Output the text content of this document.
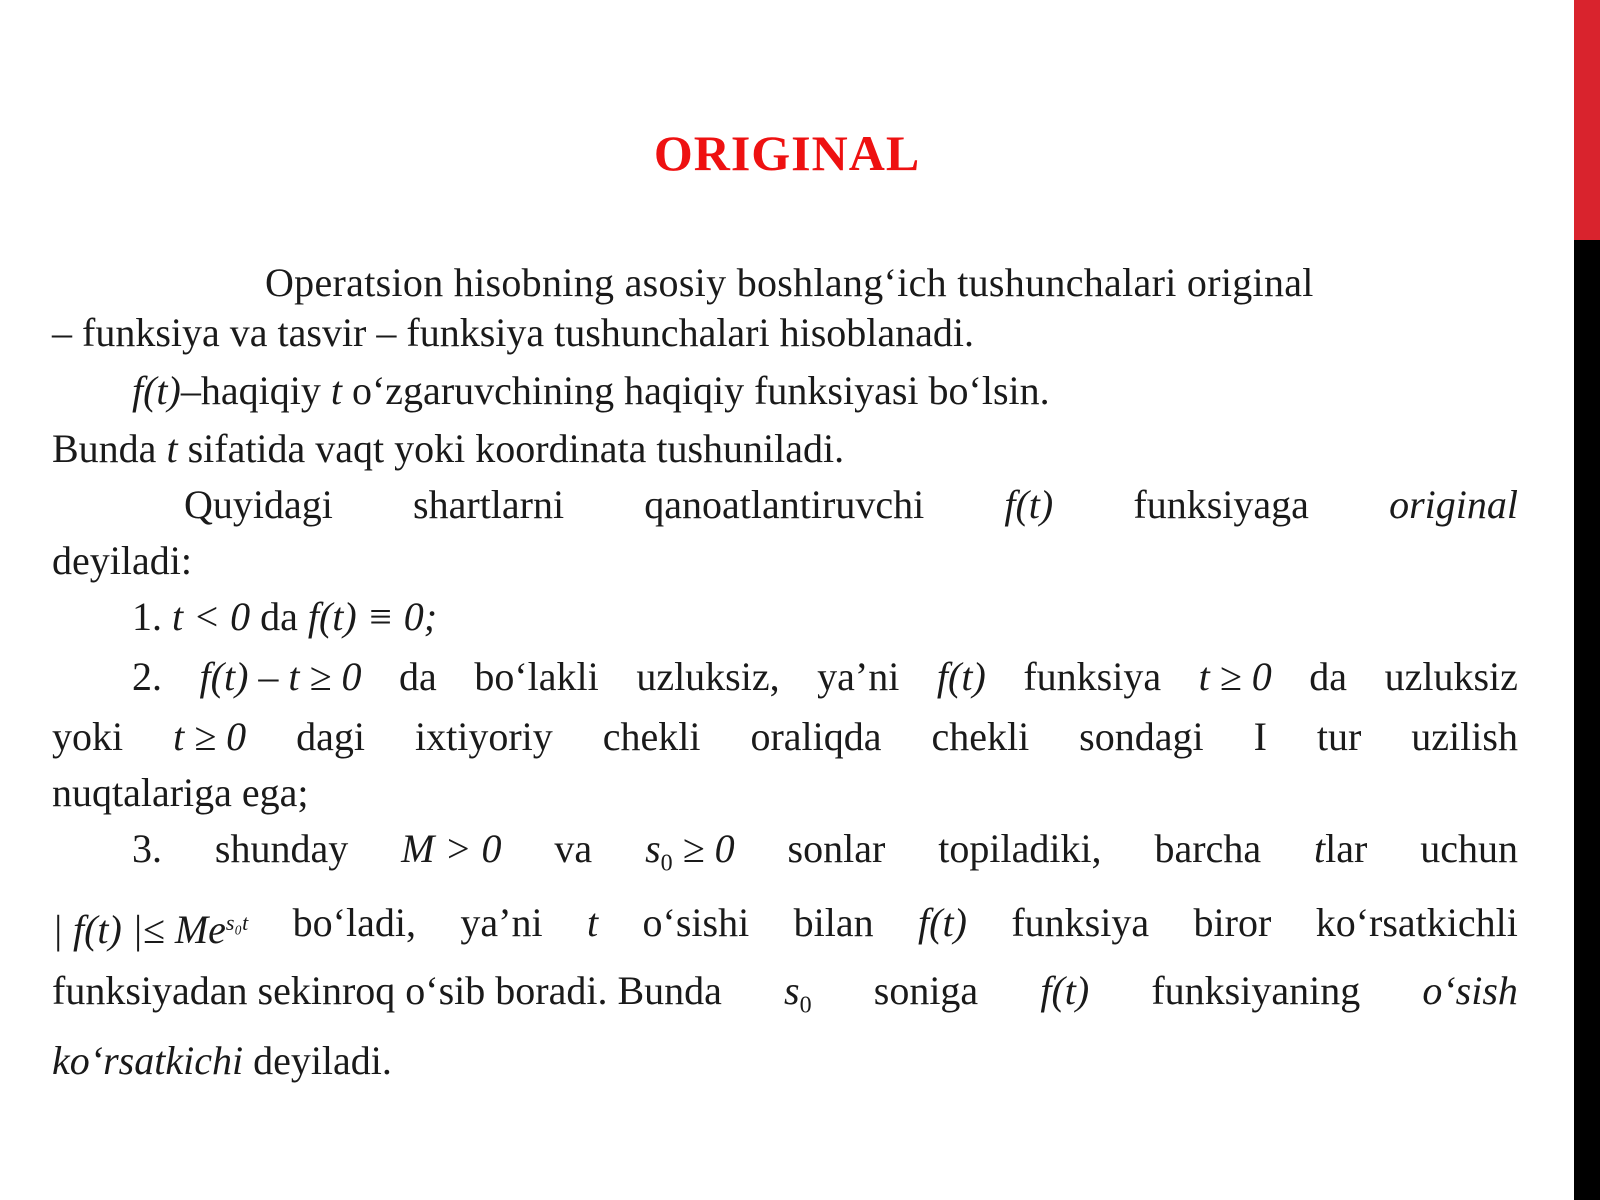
ORIGINAL
Operatsion hisobning asosiy boshlang‘ich tushunchalari original
– funksiya va tasvir – funksiya tushunchalari hisoblanadi.
f(t)–haqiqiy t o‘zgaruvchining haqiqiy funksiyasi bo‘lsin.
Bunda t sifatida vaqt yoki koordinata tushuniladi.
Quyidagi shartlarni qanoatlantiruvchi f(t) funksiyaga original
deyiladi:
1. t < 0 da f(t) ≡ 0;
2. f(t) – t ≥ 0 da bo‘lakli uzluksiz, ya’ni f(t) funksiya t ≥ 0 da uzluksiz
yoki t ≥ 0 dagi ixtiyoriy chekli oraliqda chekli sondagi I tur uzilish
nuqtalariga ega;
3. shunday M > 0 va $s_0 \ge 0$ sonlar topiladiki, barcha tlar uchun
| f(t) |≤ $Me^{s_0t}$ bo‘ladi, ya’ni t o‘sishi bilan f(t) funksiya biror ko‘rsatkichli
funksiyadan sekinroq o‘sib boradi. Bunda $s_0$ soniga f(t) funksiyaning o‘sish
ko‘rsatkichi deyiladi.
